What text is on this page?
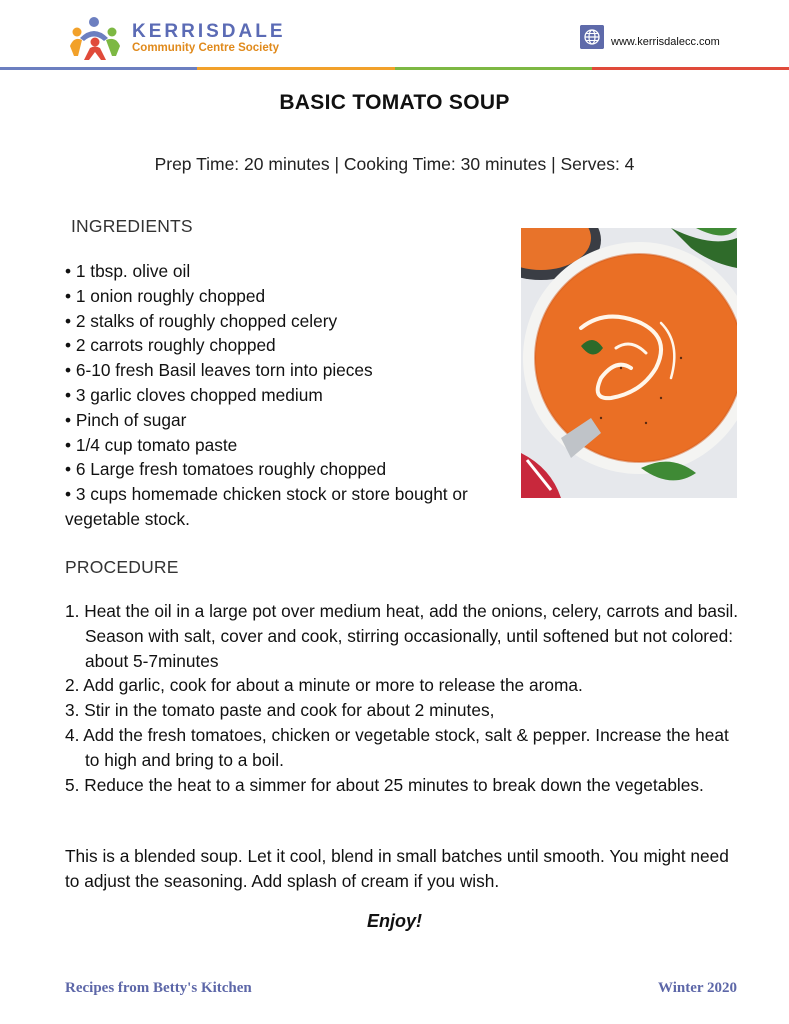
KERRISDALE
Community Centre Society	www.kerrisdalecc.com
BASIC TOMATO SOUP
Prep Time: 20 minutes | Cooking Time: 30 minutes | Serves: 4
INGREDIENTS
• 1 tbsp. olive oil
• 1 onion roughly chopped
• 2 stalks of roughly chopped celery
• 2 carrots roughly chopped
• 6-10 fresh Basil leaves torn into pieces
• 3 garlic cloves chopped medium
• Pinch of sugar
• 1/4 cup tomato paste
• 6 Large fresh tomatoes roughly chopped
• 3 cups homemade chicken stock or store bought or vegetable stock.
PROCEDURE
1. Heat the oil in a large pot over medium heat, add the onions, celery, carrots and basil. Season with salt, cover and cook, stirring occasionally, until softened but not colored: about 5-7minutes
2. Add garlic, cook for about a minute or more to release the aroma.
3. Stir in the tomato paste and cook for about 2 minutes,
4. Add the fresh tomatoes, chicken or vegetable stock, salt & pepper. Increase the heat to high and bring to a boil.
5. Reduce the heat to a simmer for about 25 minutes to break down the vegetables.
This is a blended soup. Let it cool, blend in small batches until smooth. You might need to adjust the seasoning. Add splash of cream if you wish.
Enjoy!
Recipes from Betty's Kitchen	Winter 2020
